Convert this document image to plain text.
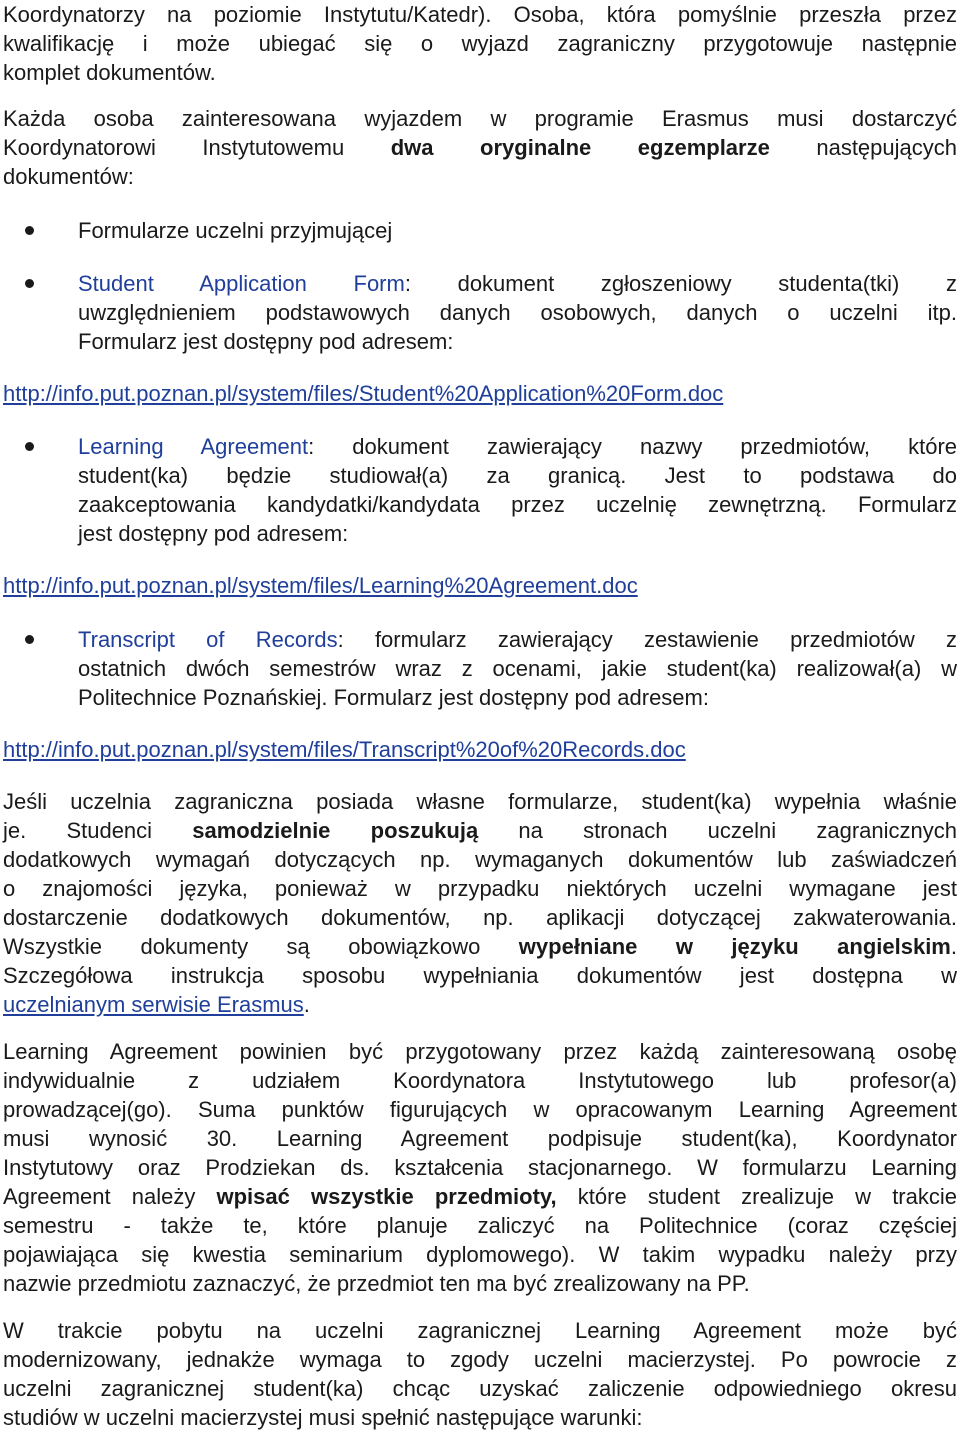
Koordynatorzy na poziomie Instytutu/Katedr). Osoba, która pomyślnie przeszła przez
kwalifikację i może ubiegać się o wyjazd zagraniczny przygotowuje następnie
komplet dokumentów.
Każda osoba zainteresowana wyjazdem w programie Erasmus musi dostarczyć
Koordynatorowi Instytutowemu dwa oryginalne egzemplarze następujących
dokumentów:
Formularze uczelni przyjmującej
Student Application Form: dokument zgłoszeniowy studenta(tki) z
uwzględnieniem podstawowych danych osobowych, danych o uczelni itp.
Formularz jest dostępny pod adresem:
http://info.put.poznan.pl/system/files/Student%20Application%20Form.doc
Learning Agreement: dokument zawierający nazwy przedmiotów, które
student(ka) będzie studiował(a) za granicą. Jest to podstawa do
zaakceptowania kandydatki/kandydata przez uczelnię zewnętrzną. Formularz
jest dostępny pod adresem:
http://info.put.poznan.pl/system/files/Learning%20Agreement.doc
Transcript of Records: formularz zawierający zestawienie przedmiotów z
ostatnich dwóch semestrów wraz z ocenami, jakie student(ka) realizował(a) w
Politechnice Poznańskiej. Formularz jest dostępny pod adresem:
http://info.put.poznan.pl/system/files/Transcript%20of%20Records.doc
Jeśli uczelnia zagraniczna posiada własne formularze, student(ka) wypełnia właśnie
je. Studenci samodzielnie poszukują na stronach uczelni zagranicznych
dodatkowych wymagań dotyczących np. wymaganych dokumentów lub zaświadczeń
o znajomości języka, ponieważ w przypadku niektórych uczelni wymagane jest
dostarczenie dodatkowych dokumentów, np. aplikacji dotyczącej zakwaterowania.
Wszystkie dokumenty są obowiązkowo wypełniane w języku angielskim.
Szczegółowa instrukcja sposobu wypełniania dokumentów jest dostępna w
uczelnianym serwisie Erasmus.
Learning Agreement powinien być przygotowany przez każdą zainteresowaną osobę
indywidualnie z udziałem Koordynatora Instytutowego lub profesor(a)
prowadzącej(go). Suma punktów figurujących w opracowanym Learning Agreement
musi wynosić 30. Learning Agreement podpisuje student(ka), Koordynator
Instytutowy oraz Prodziekan ds. kształcenia stacjonarnego. W formularzu Learning
Agreement należy wpisać wszystkie przedmioty, które student zrealizuje w trakcie
semestru - także te, które planuje zaliczyć na Politechnice (coraz częściej
pojawiająca się kwestia seminarium dyplomowego). W takim wypadku należy przy
nazwie przedmiotu zaznaczyć, że przedmiot ten ma być zrealizowany na PP.
W trakcie pobytu na uczelni zagranicznej Learning Agreement może być
modernizowany, jednakże wymaga to zgody uczelni macierzystej. Po powrocie z
uczelni zagranicznej student(ka) chcąc uzyskać zaliczenie odpowiedniego okresu
studiów w uczelni macierzystej musi spełnić następujące warunki:
